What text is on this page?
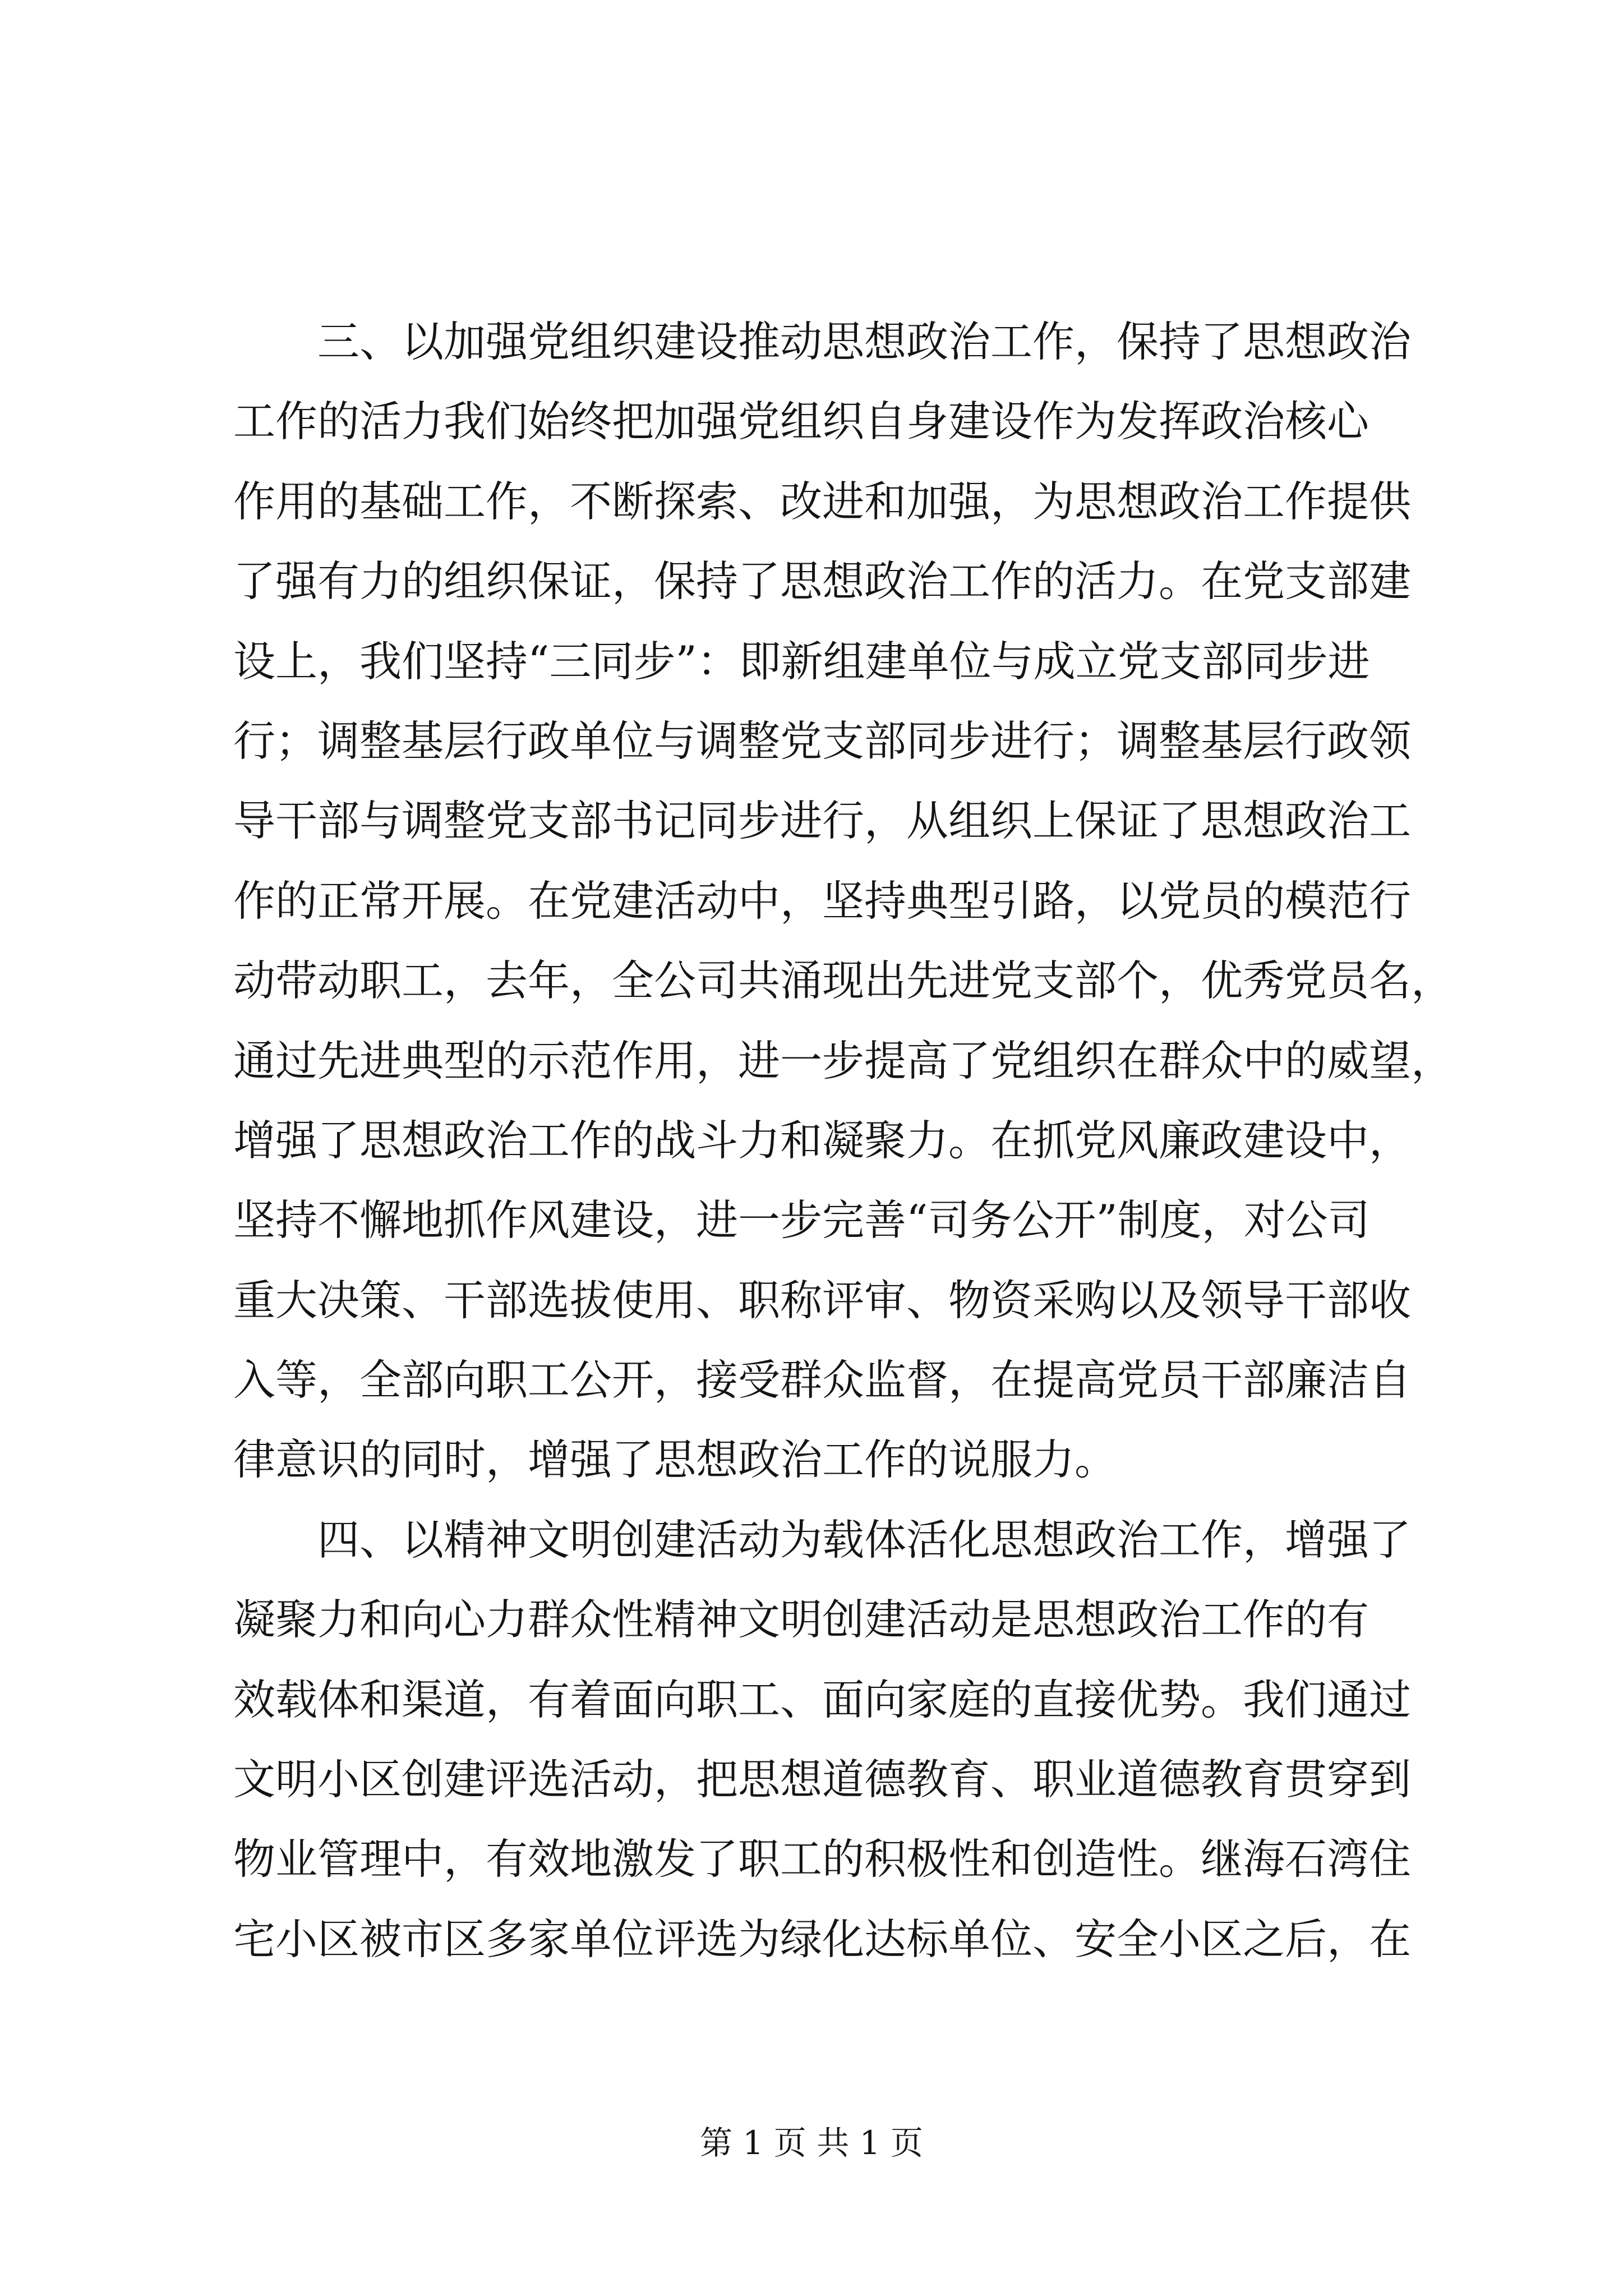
三、以加强党组织建设推动思想政治工作，保持了思想政治
工作的活力我们始终把加强党组织自身建设作为发挥政治核心
作用的基础工作，不断探索、改进和加强，为思想政治工作提供
了强有力的组织保证，保持了思想政治工作的活力。在党支部建
设上，我们坚持“三同步”：即新组建单位与成立党支部同步进
行；调整基层行政单位与调整党支部同步进行；调整基层行政领
导干部与调整党支部书记同步进行，从组织上保证了思想政治工
作的正常开展。在党建活动中，坚持典型引路，以党员的模范行
动带动职工，去年，全公司共涌现出先进党支部个，优秀党员名，
通过先进典型的示范作用，进一步提高了党组织在群众中的威望，
增强了思想政治工作的战斗力和凝聚力。在抓党风廉政建设中，
坚持不懈地抓作风建设，进一步完善“司务公开”制度，对公司
重大决策、干部选拔使用、职称评审、物资采购以及领导干部收
入等，全部向职工公开，接受群众监督，在提高党员干部廉洁自
律意识的同时，增强了思想政治工作的说服力。
四、以精神文明创建活动为载体活化思想政治工作，增强了
凝聚力和向心力群众性精神文明创建活动是思想政治工作的有
效载体和渠道，有着面向职工、面向家庭的直接优势。我们通过
文明小区创建评选活动，把思想道德教育、职业道德教育贯穿到
物业管理中，有效地激发了职工的积极性和创造性。继海石湾住
宅小区被市区多家单位评选为绿化达标单位、安全小区之后，在
第 1 页 共 1 页
